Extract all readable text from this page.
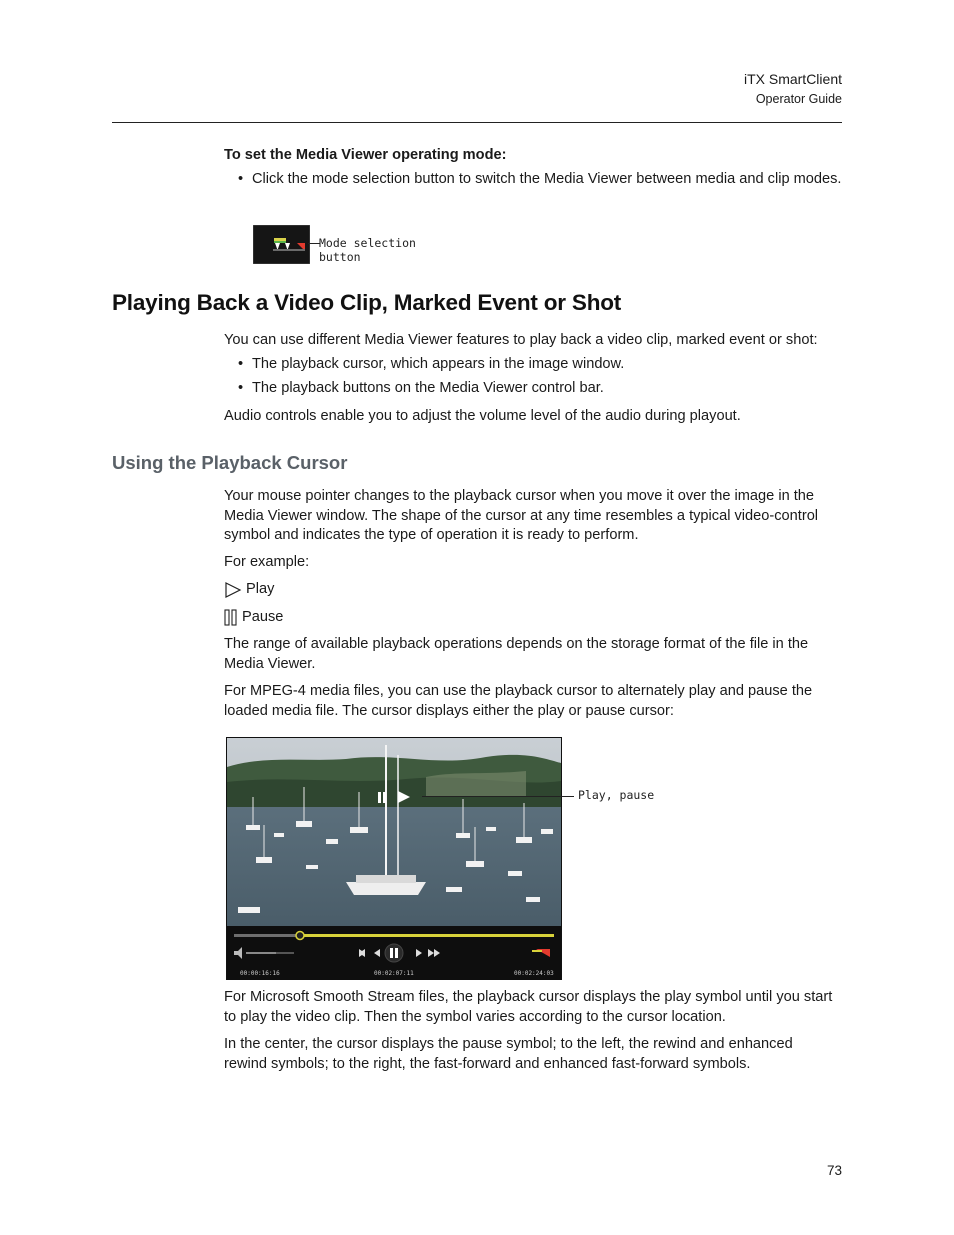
iTX SmartClient
Operator Guide
To set the Media Viewer operating mode:
• Click the mode selection button to switch the Media Viewer between media and clip modes.
Mode selection
button
Playing Back a Video Clip, Marked Event or Shot
You can use different Media Viewer features to play back a video clip, marked event or shot:
• The playback cursor, which appears in the image window.
• The playback buttons on the Media Viewer control bar.
Audio controls enable you to adjust the volume level of the audio during playout.
Using the Playback Cursor
Your mouse pointer changes to the playback cursor when you move it over the image in the Media Viewer window. The shape of the cursor at any time resembles a typical video-control symbol and indicates the type of operation it is ready to perform.
For example:
Play
Pause
The range of available playback operations depends on the storage format of the file in the Media Viewer.
For MPEG-4 media files, you can use the playback cursor to alternately play and pause the loaded media file. The cursor displays either the play or pause cursor:
00:00:16:16	00:02:07:11	00:02:24:03
Play, pause
For Microsoft Smooth Stream files, the playback cursor displays the play symbol until you start to play the video clip. Then the symbol varies according to the cursor location.
In the center, the cursor displays the pause symbol; to the left, the rewind and enhanced rewind symbols; to the right, the fast-forward and enhanced fast-forward symbols.
73
